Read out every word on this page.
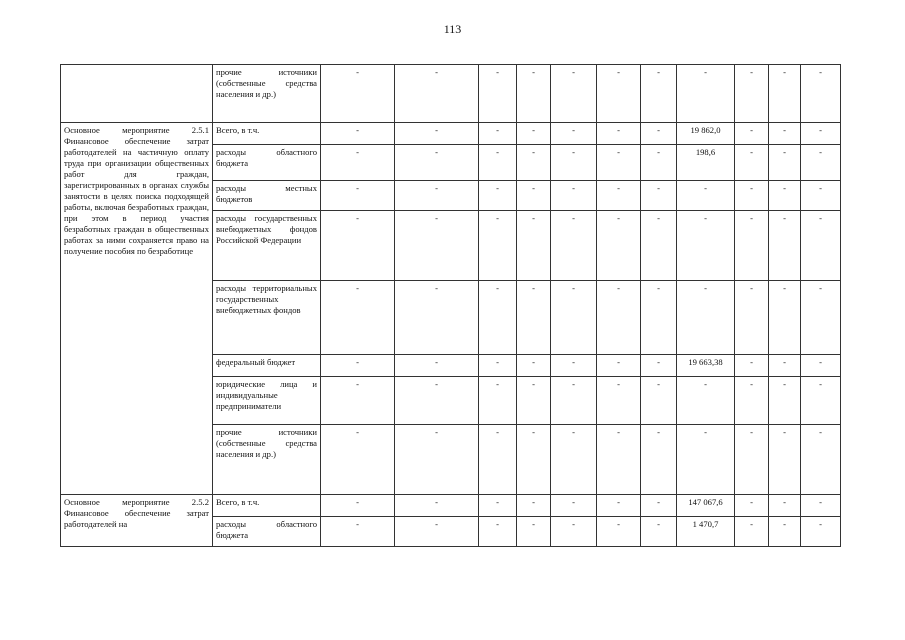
113
	прочие источники (собственные средства населения и др.)	-	-	-	-	-	-	-	-	-	-	-
Основное мероприятие 2.5.1 Финансовое обеспечение затрат работодателей на частичную оплату труда при организации общественных работ для граждан, зарегистрированных в органах службы занятости в целях поиска подходящей работы, включая безработных граждан, при этом в период участия безработных граждан в общественных работах за ними сохраняется право на получение пособия по безработице	Всего, в т.ч.	-	-	-	-	-	-	-	19 862,0	-	-	-
	расходы областного бюджета	-	-	-	-	-	-	-	198,6	-	-	-
	расходы местных бюджетов	-	-	-	-	-	-	-	-	-	-	-
	расходы государственных внебюджетных фондов Российской Федерации	-	-	-	-	-	-	-	-	-	-	-
	расходы территориальных государственных внебюджетных фондов	-	-	-	-	-	-	-	-	-	-	-
	федеральный бюджет	-	-	-	-	-	-	-	19 663,38	-	-	-
	юридические лица и индивидуальные предприниматели	-	-	-	-	-	-	-	-	-	-	-
	прочие источники (собственные средства населения и др.)	-	-	-	-	-	-	-	-	-	-	-
Основное мероприятие 2.5.2 Финансовое обеспечение затрат работодателей на	Всего, в т.ч.	-	-	-	-	-	-	-	147 067,6	-	-	-
	расходы областного бюджета	-	-	-	-	-	-	-	1 470,7	-	-	-
